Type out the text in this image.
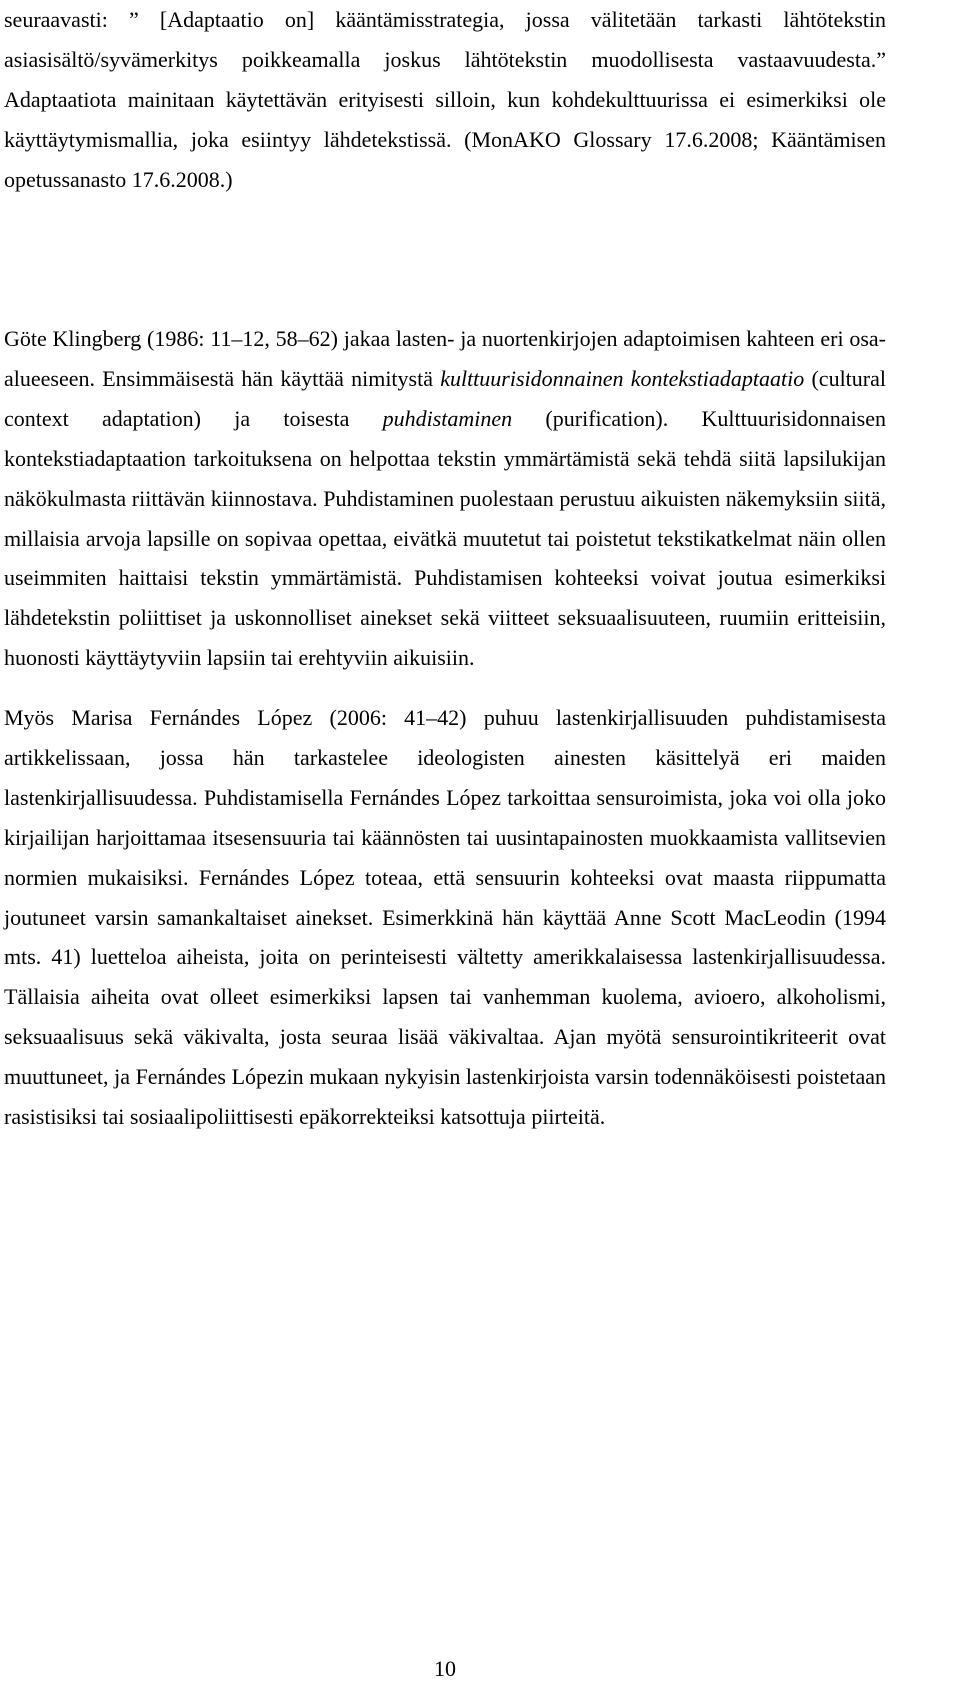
seuraavasti: ” [Adaptaatio on] kääntämisstrategia, jossa välitetään tarkasti lähtötekstin asiasisältö/syvämerkitys poikkeamalla joskus lähtötekstin muodollisesta vastaavuudesta.” Adaptaatiota mainitaan käytettävän erityisesti silloin, kun kohdekulttuurissa ei esimerkiksi ole käyttäytymismallia, joka esiintyy lähdetekstissä. (MonAKO Glossary 17.6.2008; Kääntämisen opetussanasto 17.6.2008.)

Göte Klingberg (1986: 11–12, 58–62) jakaa lasten- ja nuortenkirjojen adaptoimisen kahteen eri osa-alueeseen. Ensimmäisestä hän käyttää nimitystä kulttuurisidonnainen kontekstiadaptaatio (cultural context adaptation) ja toisesta puhdistaminen (purification). Kulttuurisidonnaisen kontekstiadaptaation tarkoituksena on helpottaa tekstin ymmärtämistä sekä tehdä siitä lapsilukijan näkökulmasta riittävän kiinnostava. Puhdistaminen puolestaan perustuu aikuisten näkemyksiin siitä, millaisia arvoja lapsille on sopivaa opettaa, eivätkä muutetut tai poistetut tekstikatkelmat näin ollen useimmiten haittaisi tekstin ymmärtämistä. Puhdistamisen kohteeksi voivat joutua esimerkiksi lähdetekstin poliittiset ja uskonnolliset ainekset sekä viitteet seksuaalisuuteen, ruumiin eritteisiin, huonosti käyttäytyviin lapsiin tai erehtyviin aikuisiin.

Myös Marisa Fernándes López (2006: 41–42) puhuu lastenkirjallisuuden puhdistamisesta artikkelissaan, jossa hän tarkastelee ideologisten ainesten käsittelyä eri maiden lastenkirjallisuudessa. Puhdistamisella Fernándes López tarkoittaa sensuroimista, joka voi olla joko kirjailijan harjoittamaa itsesensuuria tai käännösten tai uusintapainosten muokkaamista vallitsevien normien mukaisiksi. Fernándes López toteaa, että sensuurin kohteeksi ovat maasta riippumatta joutuneet varsin samankaltaiset ainekset. Esimerkkinä hän käyttää Anne Scott MacLeodin (1994 mts. 41) luetteloa aiheista, joita on perinteisesti vältetty amerikkalaisessa lastenkirjallisuudessa. Tällaisia aiheita ovat olleet esimerkiksi lapsen tai vanhemman kuolema, avioero, alkoholismi, seksuaalisuus sekä väkivalta, josta seuraa lisää väkivaltaa. Ajan myötä sensurointikriteerit ovat muuttuneet, ja Fernándes Lópezin mukaan nykyisin lastenkirjoista varsin todennäköisesti poistetaan rasistisiksi tai sosiaalipoliittisesti epäkorrekteiksi katsottuja piirteitä.

10
